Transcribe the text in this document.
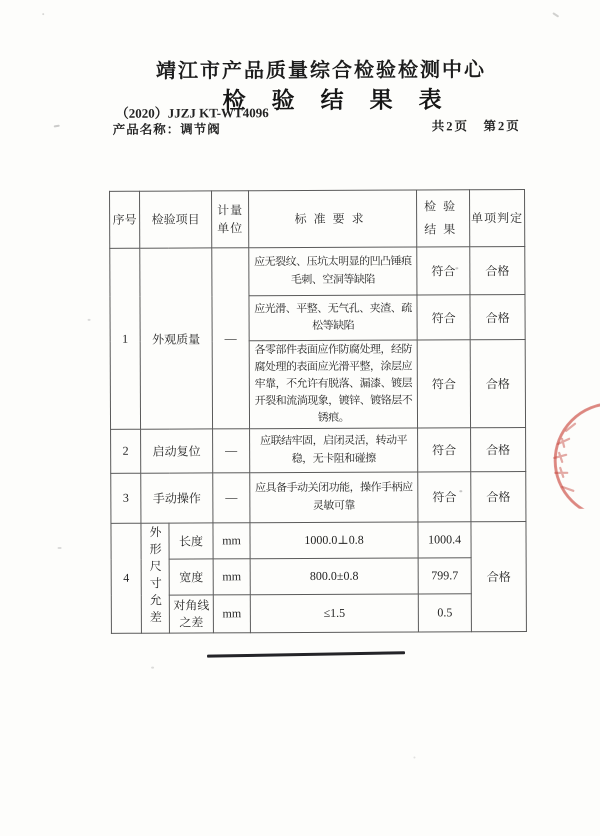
靖江市产品质量综合检验检测中心
检验结果表
（2020）JJZJ KT-WT4096
产品名称：调节阀	共2页　第2页
序号	检验项目		计量单位	标准要求	检验结果	单项判定
1	外观质量		—	应无裂纹、压坑太明显的凹凸锤痕毛刺、空洞等缺陷	符合	合格
				应光滑、平整、无气孔、夹渣、疏松等缺陷	符合	合格
				各零部件表面应作防腐处理，经防腐处理的表面应光滑平整，涂层应牢靠，不允许有脱落、漏漆、镀层开裂和流淌现象，镀锌、镀铬层不锈痕。	符合	合格
2	启动复位		—	应联结牢固，启闭灵活，转动平稳，无卡阻和碰擦	符合	合格
3	手动操作		—	应具备手动关闭功能，操作手柄应灵敏可靠	符合	合格
4	外形尺寸允差	长度	mm	1000.0⊥0.8	1000.4	合格
		宽度	mm	800.0±0.8	799.7	
		对角线之差	mm	≤1.5	0.5	
